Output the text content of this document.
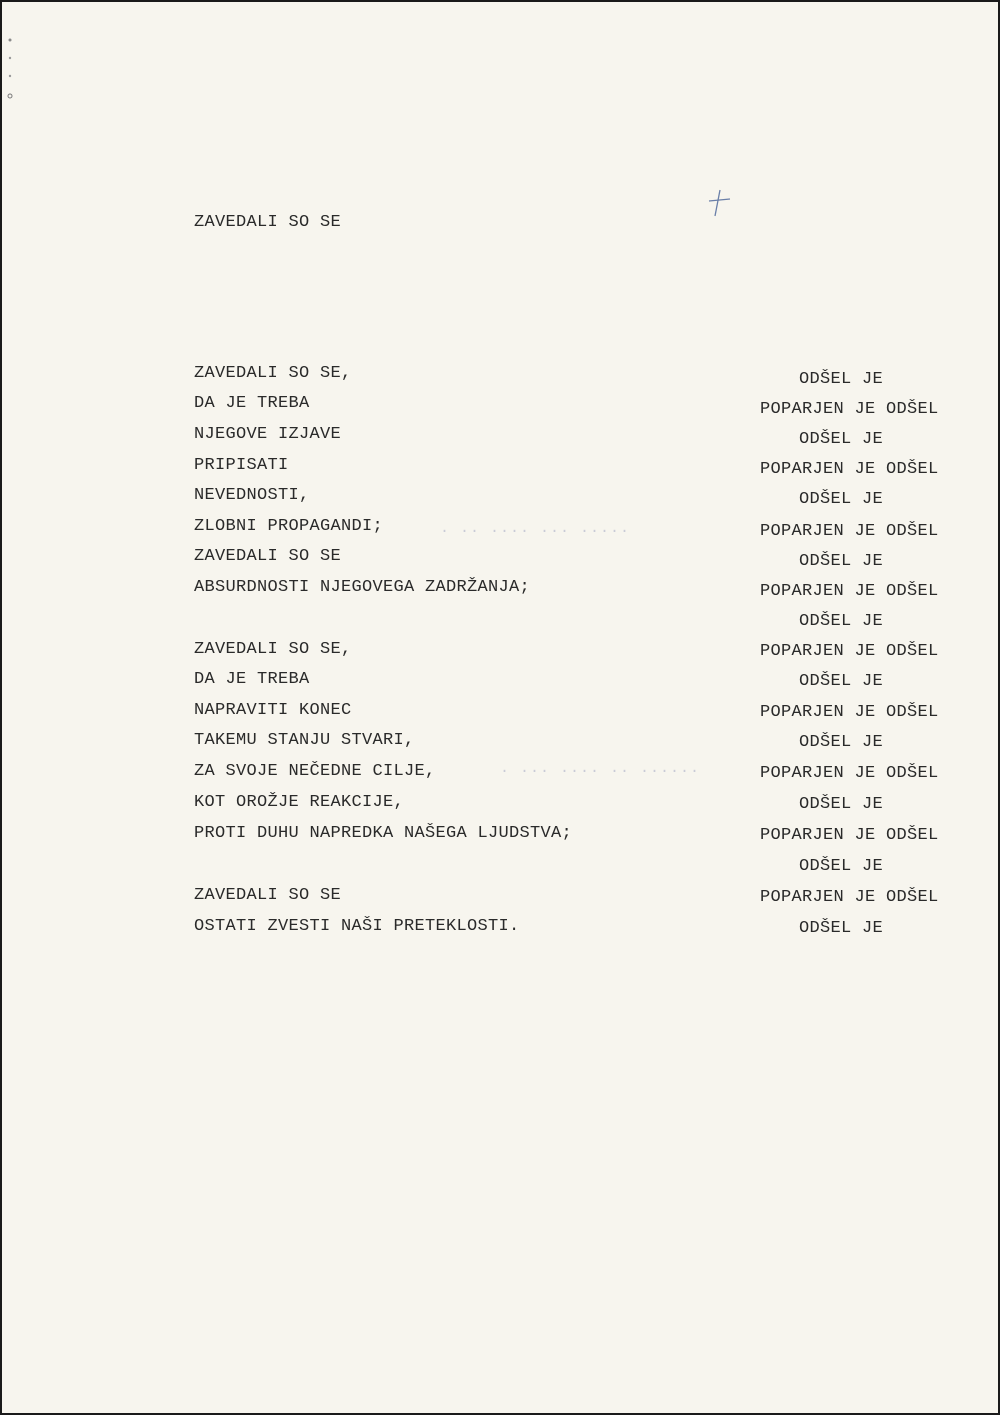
ZAVEDALI SO SE
· ·· ···· ··· ·····
· ··· ···· ·· ······
ZAVEDALI SO SE,
DA JE TREBA
NJEGOVE IZJAVE
PRIPISATI
NEVEDNOSTI,
ZLOBNI PROPAGANDI;
ZAVEDALI SO SE
ABSURDNOSTI NJEGOVEGA ZADRŽANJA;
ZAVEDALI SO SE,
DA JE TREBA
NAPRAVITI KONEC
TAKEMU STANJU STVARI,
ZA SVOJE NEČEDNE CILJE,
KOT OROŽJE REAKCIJE,
PROTI DUHU NAPREDKA NAŠEGA LJUDSTVA;
ZAVEDALI SO SE
OSTATI ZVESTI NAŠI PRETEKLOSTI.
ODŠEL JE
POPARJEN JE ODŠEL
ODŠEL JE
POPARJEN JE ODŠEL
ODŠEL JE
POPARJEN JE ODŠEL
ODŠEL JE
POPARJEN JE ODŠEL
ODŠEL JE
POPARJEN JE ODŠEL
ODŠEL JE
POPARJEN JE ODŠEL
ODŠEL JE
POPARJEN JE ODŠEL
ODŠEL JE
POPARJEN JE ODŠEL
ODŠEL JE
POPARJEN JE ODŠEL
ODŠEL JE
